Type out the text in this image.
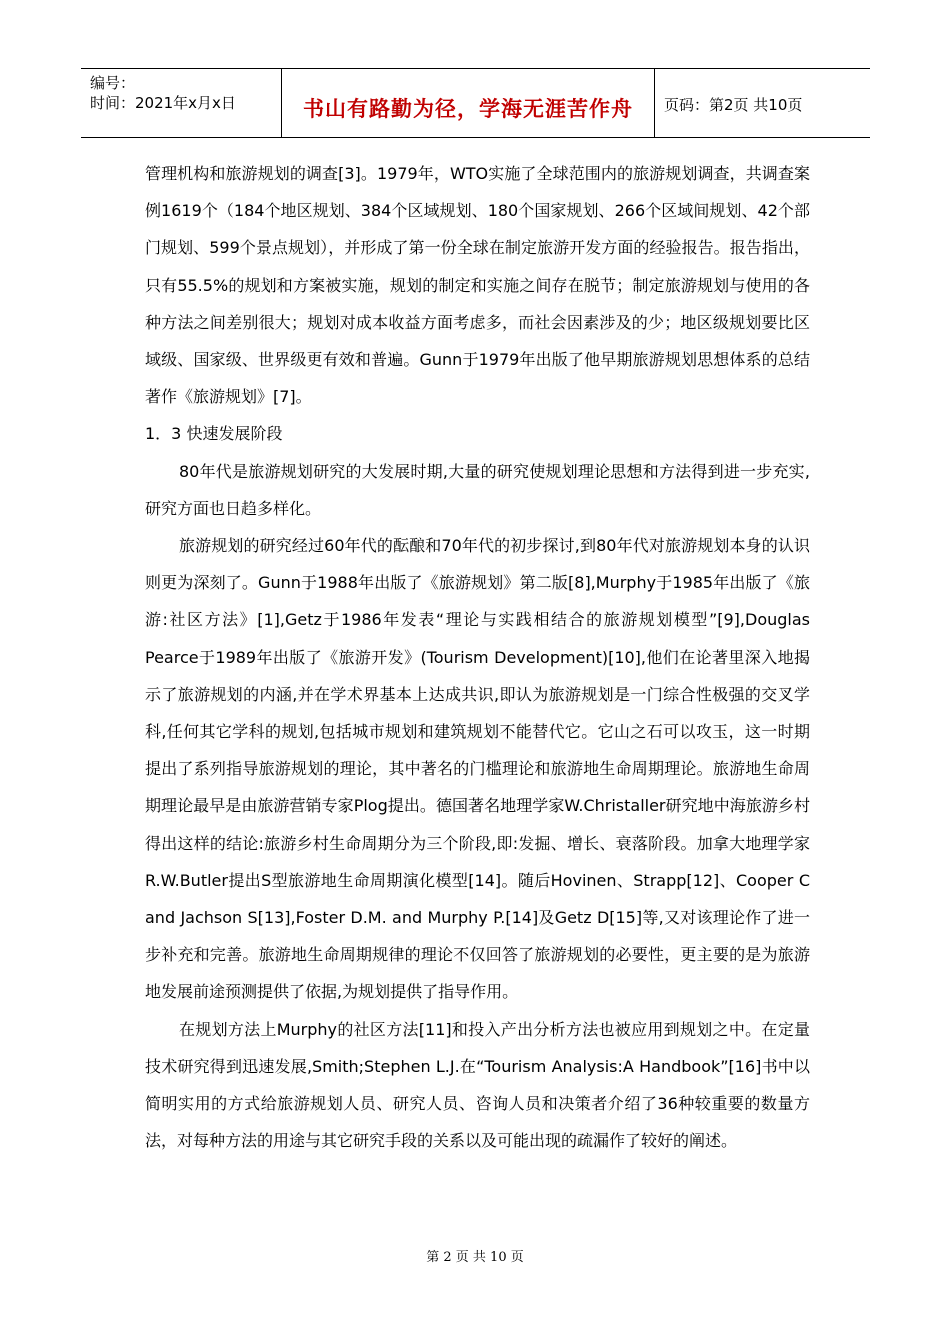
编号：
时间：2021年x月x日	书山有路勤为径，学海无涯苦作舟	页码：第2页 共10页

管理机构和旅游规划的调查[3]。1979年，WTO实施了全球范围内的旅游规划调查，共调查案例1619个（184个地区规划、384个区域规划、180个国家规划、266个区域间规划、42个部门规划、599个景点规划），并形成了第一份全球在制定旅游开发方面的经验报告。报告指出，只有55.5%的规划和方案被实施，规划的制定和实施之间存在脱节；制定旅游规划与使用的各种方法之间差别很大；规划对成本收益方面考虑多，而社会因素涉及的少；地区级规划要比区域级、国家级、世界级更有效和普遍。Gunn于1979年出版了他早期旅游规划思想体系的总结著作《旅游规划》[7]。

1．3 快速发展阶段

80年代是旅游规划研究的大发展时期,大量的研究使规划理论思想和方法得到进一步充实,研究方面也日趋多样化。

旅游规划的研究经过60年代的酝酿和70年代的初步探讨,到80年代对旅游规划本身的认识则更为深刻了。Gunn于1988年出版了《旅游规划》第二版[8],Murphy于1985年出版了《旅游:社区方法》[1],Getz于1986年发表“理论与实践相结合的旅游规划模型”[9],Douglas Pearce于1989年出版了《旅游开发》(Tourism Development)[10],他们在论著里深入地揭示了旅游规划的内涵,并在学术界基本上达成共识,即认为旅游规划是一门综合性极强的交叉学科,任何其它学科的规划,包括城市规划和建筑规划不能替代它。它山之石可以攻玉，这一时期提出了系列指导旅游规划的理论，其中著名的门槛理论和旅游地生命周期理论。旅游地生命周期理论最早是由旅游营销专家Plog提出。德国著名地理学家W.Christaller研究地中海旅游乡村得出这样的结论:旅游乡村生命周期分为三个阶段,即:发掘、增长、衰落阶段。加拿大地理学家R.W.Butler提出S型旅游地生命周期演化模型[14]。随后Hovinen、Strapp[12]、Cooper C and Jachson S[13],Foster D.M. and Murphy P.[14]及Getz D[15]等,又对该理论作了进一步补充和完善。旅游地生命周期规律的理论不仅回答了旅游规划的必要性，更主要的是为旅游地发展前途预测提供了依据,为规划提供了指导作用。

在规划方法上Murphy的社区方法[11]和投入产出分析方法也被应用到规划之中。在定量技术研究得到迅速发展,Smith;Stephen L.J.在“Tourism Analysis:A Handbook”[16]书中以简明实用的方式给旅游规划人员、研究人员、咨询人员和决策者介绍了36种较重要的数量方法，对每种方法的用途与其它研究手段的关系以及可能出现的疏漏作了较好的阐述。

第 2 页 共 10 页
